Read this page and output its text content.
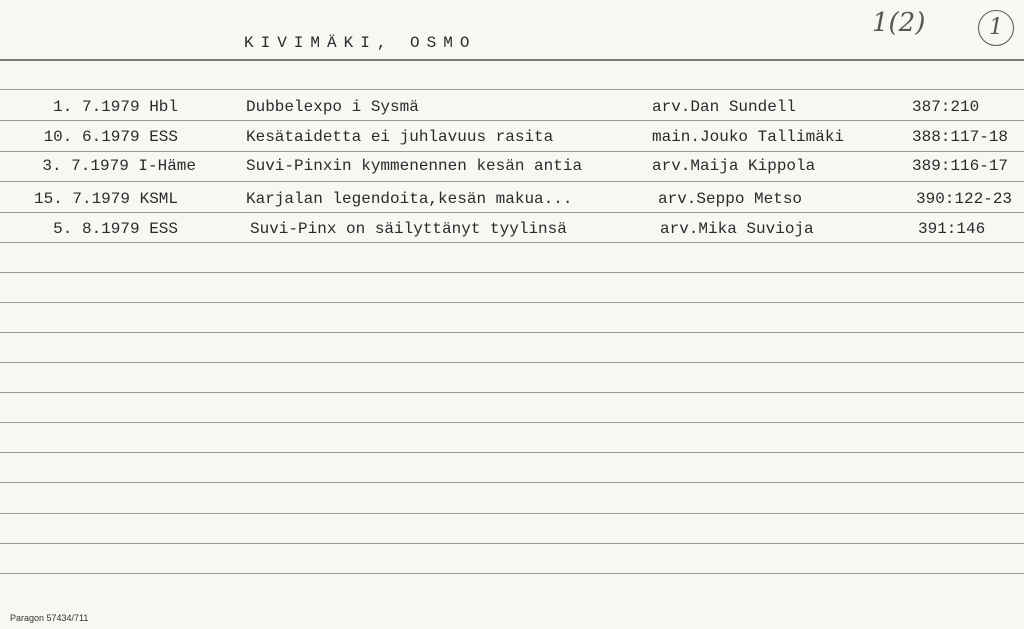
KIVIMÄKI, OSMO
1(2)	1
1. 7.1979 Hbl	Dubbelexpo i Sysmä	arv.Dan Sundell	387:210
10. 6.1979 ESS	Kesätaidetta ei juhlavuus rasita	main.Jouko Tallimäki	388:117-18
3. 7.1979 I-Häme	Suvi-Pinxin kymmenennen kesän antia	arv.Maija Kippola	389:116-17
15. 7.1979 KSML	Karjalan legendoita,kesän makua...	arv.Seppo Metso	390:122-23
5. 8.1979 ESS	Suvi-Pinx on säilyttänyt tyylinsä	arv.Mika Suvioja	391:146
Paragon 57434/711
